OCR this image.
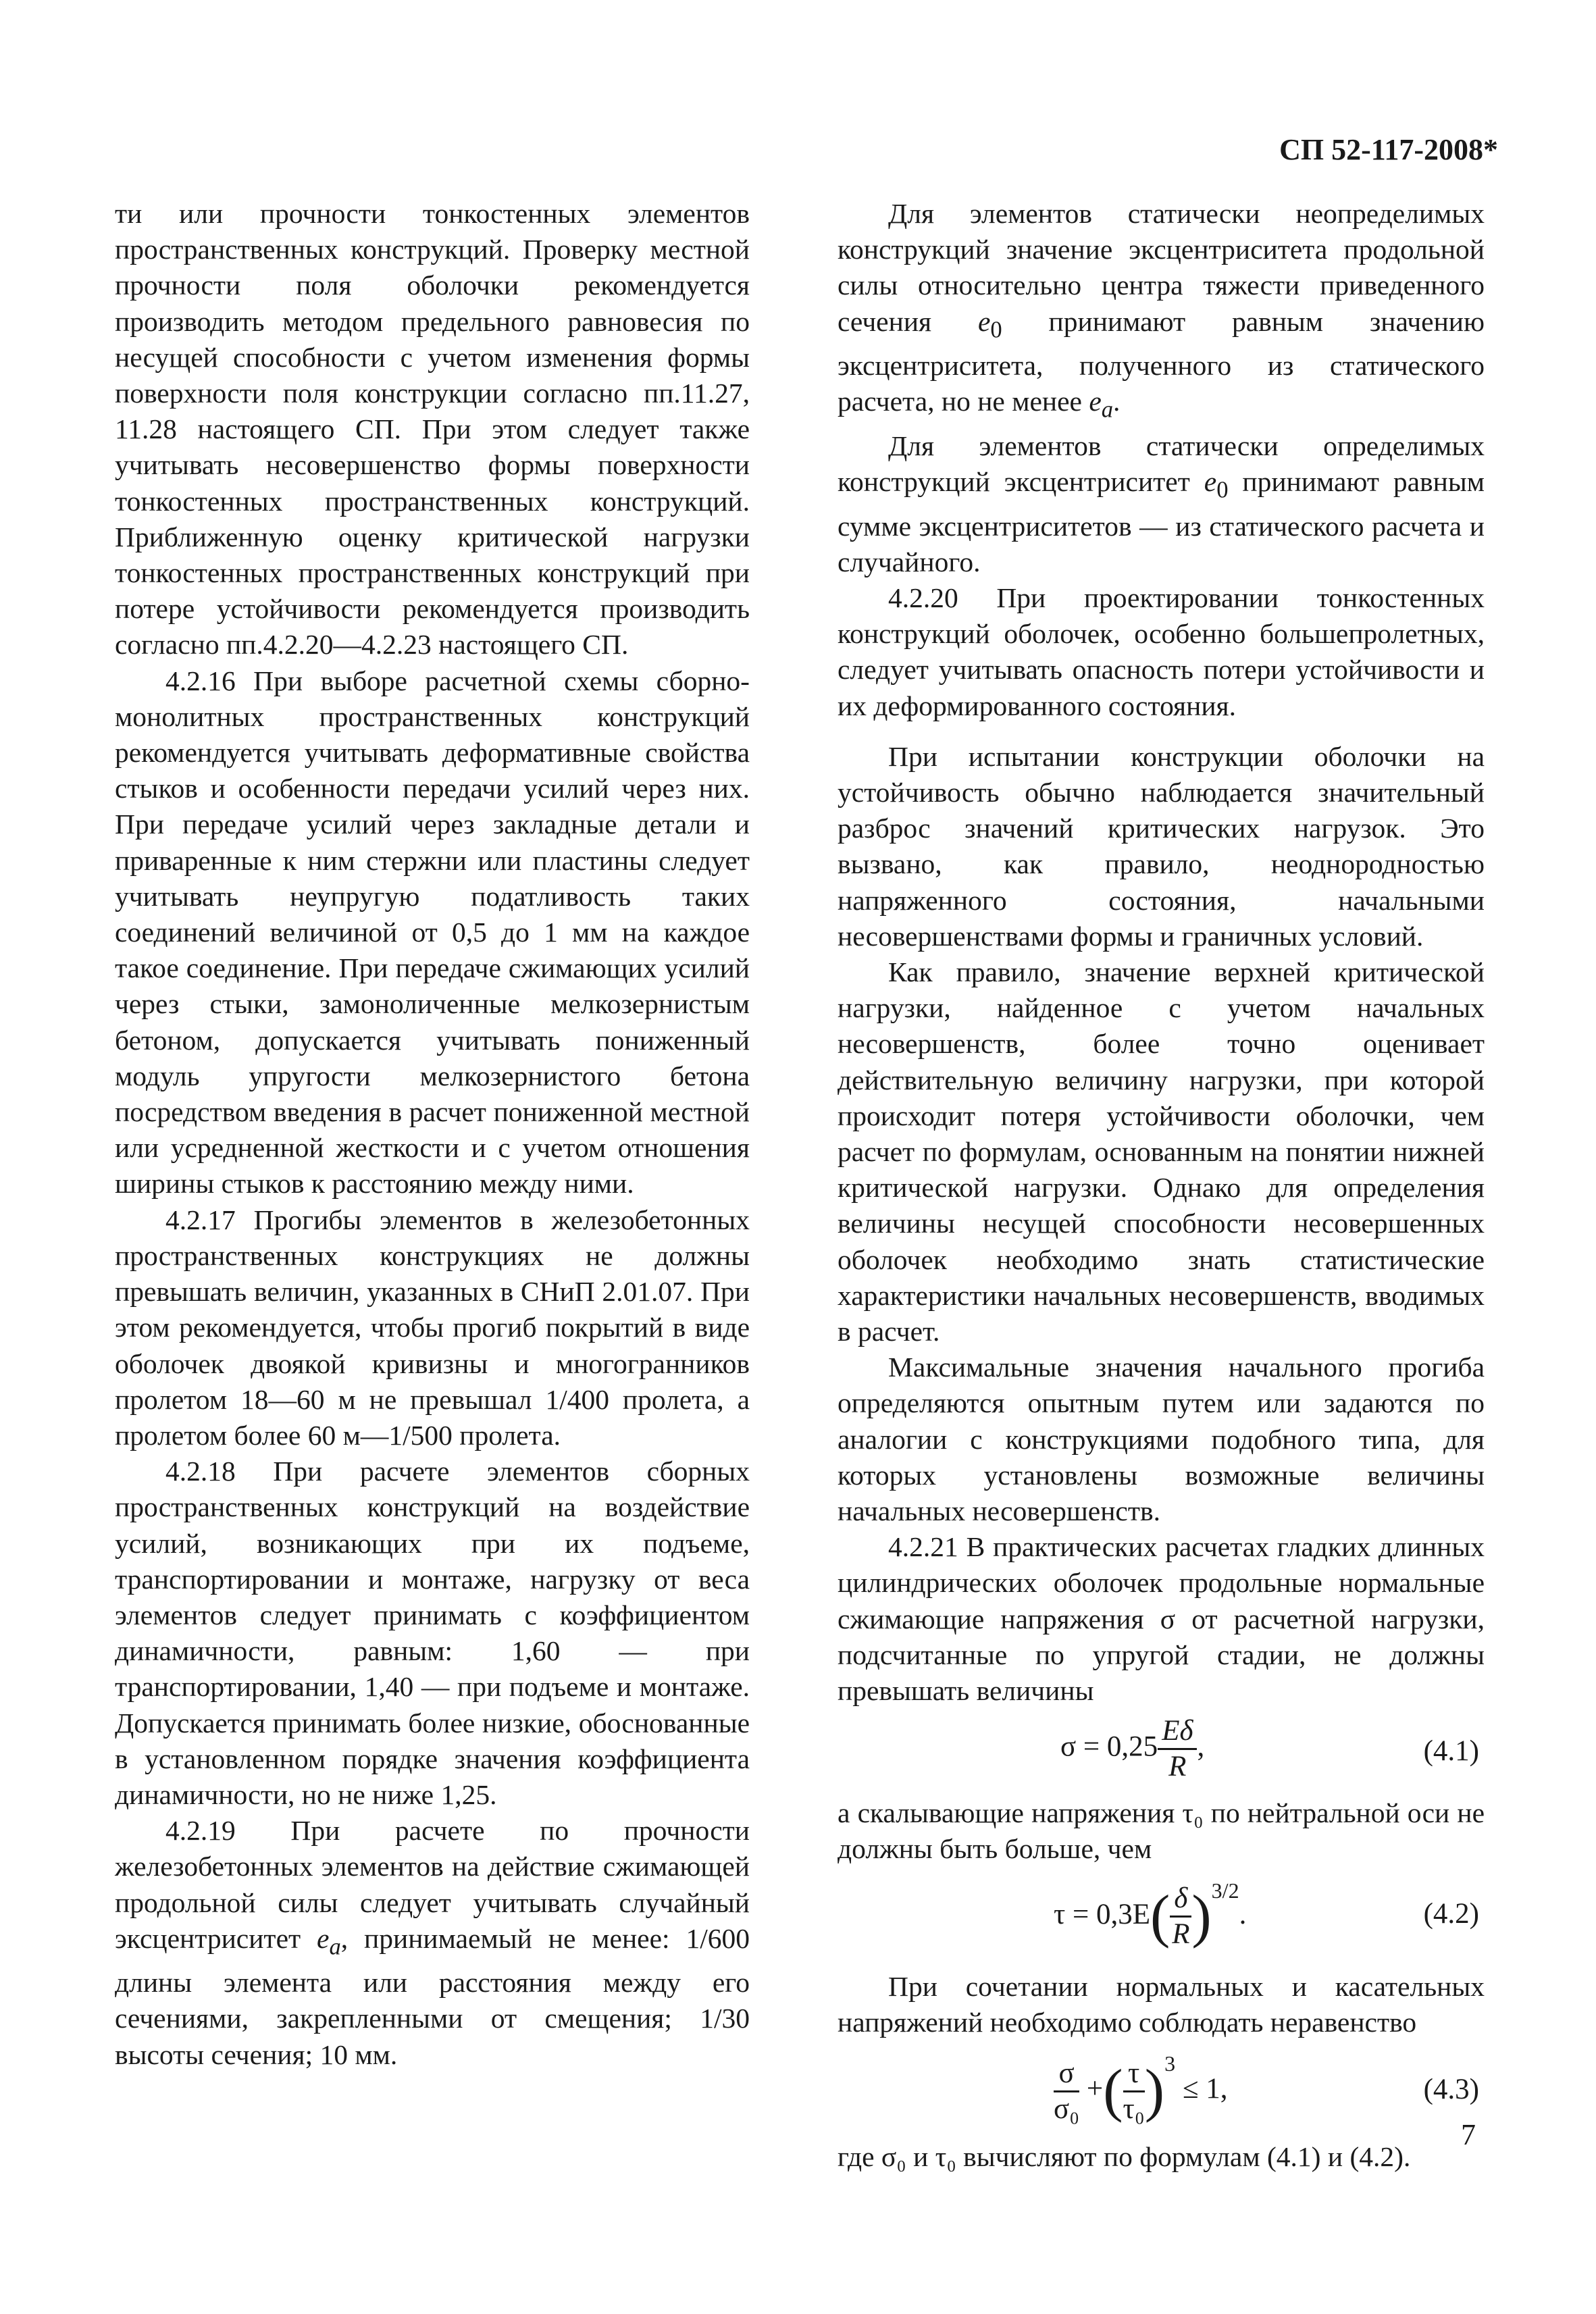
СП 52-117-2008*

ти или прочности тонкостенных элементов пространственных конструкций. Проверку местной прочности поля оболочки рекомендуется производить методом предельного равновесия по несущей способности с учетом изменения формы поверхности поля конструкции согласно пп.11.27, 11.28 настоящего СП. При этом следует также учитывать несовершенство формы поверхности тонкостенных пространственных конструкций. Приближенную оценку критической нагрузки тонкостенных пространственных конструкций при потере устойчивости рекомендуется производить согласно пп.4.2.20—4.2.23 настоящего СП.

4.2.16 При выборе расчетной схемы сборно-монолитных пространственных конструкций рекомендуется учитывать деформативные свойства стыков и особенности передачи усилий через них. При передаче усилий через закладные детали и приваренные к ним стержни или пластины следует учитывать неупругую податливость таких соединений величиной от 0,5 до 1 мм на каждое такое соединение. При передаче сжимающих усилий через стыки, замоноличенные мелкозернистым бетоном, допускается учитывать пониженный модуль упругости мелкозернистого бетона посредством введения в расчет пониженной местной или усредненной жесткости и с учетом отношения ширины стыков к расстоянию между ними.

4.2.17 Прогибы элементов в железобетонных пространственных конструкциях не должны превышать величин, указанных в СНиП 2.01.07. При этом рекомендуется, чтобы прогиб покрытий в виде оболочек двоякой кривизны и многогранников пролетом 18—60 м не превышал 1/400 пролета, а пролетом более 60 м—1/500 пролета.

4.2.18 При расчете элементов сборных пространственных конструкций на воздействие усилий, возникающих при их подъеме, транспортировании и монтаже, нагрузку от веса элементов следует принимать с коэффициентом динамичности, равным: 1,60 — при транспортировании, 1,40 — при подъеме и монтаже. Допускается принимать более низкие, обоснованные в установленном порядке значения коэффициента динамичности, но не ниже 1,25.

4.2.19 При расчете по прочности железобетонных элементов на действие сжимающей продольной силы следует учитывать случайный эксцентриситет $e_a$, принимаемый не менее: 1/600 длины элемента или расстояния между его сечениями, закрепленными от смещения; 1/30 высоты сечения; 10 мм.

Для элементов статически неопределимых конструкций значение эксцентриситета продольной силы относительно центра тяжести приведенного сечения $e_0$ принимают равным значению эксцентриситета, полученного из статического расчета, но не менее $e_a$.

Для элементов статически определимых конструкций эксцентриситет $e_0$ принимают равным сумме эксцентриситетов — из статического расчета и случайного.

4.2.20 При проектировании тонкостенных конструкций оболочек, особенно большепролетных, следует учитывать опасность потери устойчивости и их деформированного состояния.

При испытании конструкции оболочки на устойчивость обычно наблюдается значительный разброс значений критических нагрузок. Это вызвано, как правило, неоднородностью напряженного состояния, начальными несовершенствами формы и граничных условий.

Как правило, значение верхней критической нагрузки, найденное с учетом начальных несовершенств, более точно оценивает действительную величину нагрузки, при которой происходит потеря устойчивости оболочки, чем расчет по формулам, основанным на понятии нижней критической нагрузки. Однако для определения величины несущей способности несовершенных оболочек необходимо знать статистические характеристики начальных несовершенств, вводимых в расчет.

Максимальные значения начального прогиба определяются опытным путем или задаются по аналогии с конструкциями подобного типа, для которых установлены возможные величины начальных несовершенств.

4.2.21 В практических расчетах гладких длинных цилиндрических оболочек продольные нормальные сжимающие напряжения σ от расчетной нагрузки, подсчитанные по упругой стадии, не должны превышать величины

$\sigma = 0,25 \frac{E\delta}{R}$ ,	(4.1)

а скалывающие напряжения τ₀ по нейтральной оси не должны быть больше, чем

$\tau = 0,3E( \frac{\delta}{R} )^{3/2}$.	(4.2)

При сочетании нормальных и касательных напряжений необходимо соблюдать неравенство

$\frac{\sigma}{\text{σ₀}}$ +( $\frac{\tau}{\text{τ₀}} )^3 \le 1$,	(4.3)

где σ₀ и τ₀ вычисляют по формулам (4.1) и (4.2).

7
